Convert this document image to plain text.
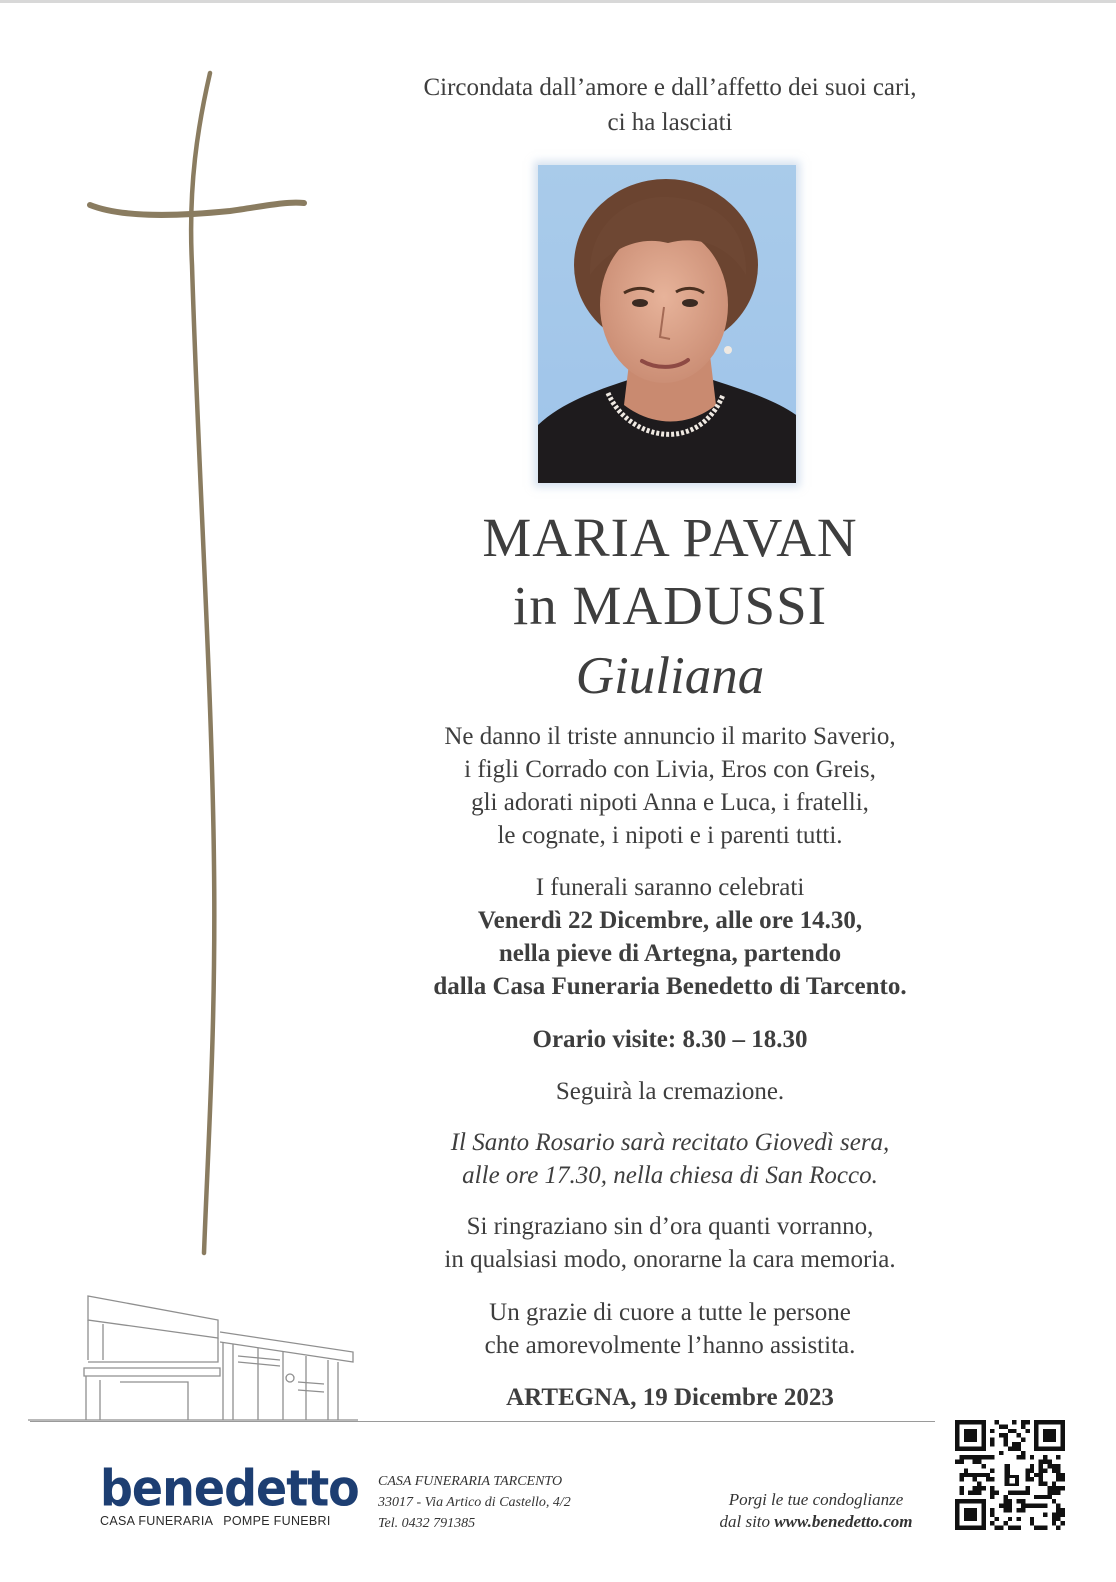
Circondata dall’amore e dall’affetto dei suoi cari,
ci ha lasciati
MARIA PAVAN
in MADUSSI
Giuliana
Ne danno il triste annuncio il marito Saverio,
i figli Corrado con Livia, Eros con Greis,
gli adorati nipoti Anna e Luca, i fratelli,
le cognate, i nipoti e i parenti tutti.
I funerali saranno celebrati
Venerdì 22 Dicembre, alle ore 14.30,
nella pieve di Artegna, partendo
dalla Casa Funeraria Benedetto di Tarcento.
Orario visite: 8.30 – 18.30
Seguirà la cremazione.
Il Santo Rosario sarà recitato Giovedì sera,
alle ore 17.30, nella chiesa di San Rocco.
Si ringraziano sin d’ora quanti vorranno,
in qualsiasi modo, onorarne la cara memoria.
Un grazie di cuore a tutte le persone
che amorevolmente l’hanno assistita.
ARTEGNA, 19 Dicembre 2023
benedetto
CASA FUNERARIA POMPE FUNEBRI
CASA FUNERARIA TARCENTO
33017 - Via Artico di Castello, 4/2
Tel. 0432 791385
Porgi le tue condoglianze
dal sito www.benedetto.com
